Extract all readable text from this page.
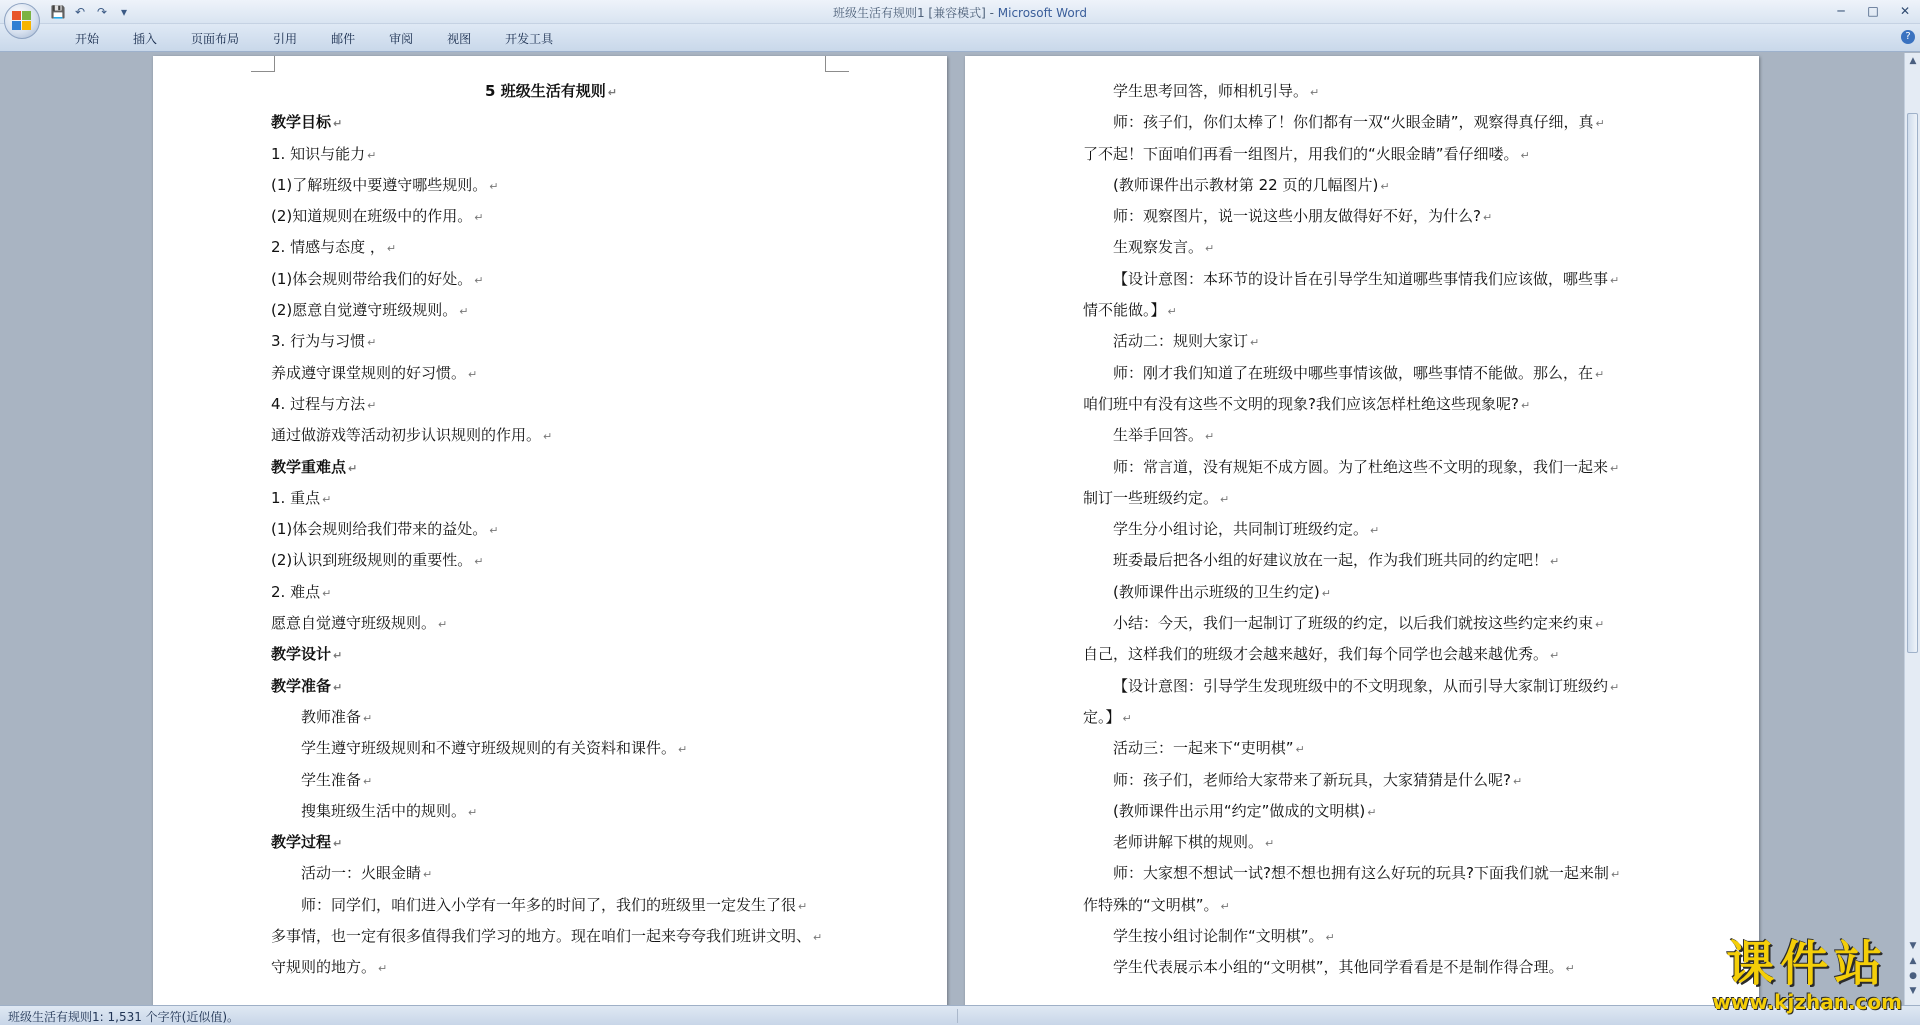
💾 ↶ ↷	▾	班级生活有规则1 [兼容模式] - Microsoft Word	─	□	✕
开始	插入	页面布局	引用	邮件	审阅	视图	开发工具	?
5 班级生活有规则 ↵
教学目标 ↵
1. 知识与能力 ↵
(1)了解班级中要遵守哪些规则。 ↵
(2)知道规则在班级中的作用。 ↵
2. 情感与态度 ， ↵
(1)体会规则带给我们的好处。 ↵
(2)愿意自觉遵守班级规则。 ↵
3. 行为与习惯 ↵
养成遵守课堂规则的好习惯。 ↵
4. 过程与方法 ↵
通过做游戏等活动初步认识规则的作用。 ↵
教学重难点 ↵
1. 重点 ↵
(1)体会规则给我们带来的益处。 ↵
(2)认识到班级规则的重要性。 ↵
2. 难点 ↵
愿意自觉遵守班级规则。 ↵
教学设计 ↵
教学准备 ↵
教师准备 ↵
学生遵守班级规则和不遵守班级规则的有关资料和课件。 ↵
学生准备 ↵
搜集班级生活中的规则。 ↵
教学过程 ↵
活动一：火眼金睛 ↵
师：同学们，咱们进入小学有一年多的时间了，我们的班级里一定发生了很 ↵
多事情，也一定有很多值得我们学习的地方。现在咱们一起来夸夸我们班讲文明、 ↵
守规则的地方。 ↵
学生思考回答，师相机引导。 ↵
师：孩子们，你们太棒了！你们都有一双“火眼金睛”，观察得真仔细，真 ↵
了不起！下面咱们再看一组图片，用我们的“火眼金睛”看仔细喽。 ↵
(教师课件出示教材第 22 页的几幅图片) ↵
师：观察图片，说一说这些小朋友做得好不好，为什么? ↵
生观察发言。 ↵
【设计意图：本环节的设计旨在引导学生知道哪些事情我们应该做，哪些事 ↵
情不能做。】 ↵
活动二：规则大家订 ↵
师：刚才我们知道了在班级中哪些事情该做，哪些事情不能做。那么，在 ↵
咱们班中有没有这些不文明的现象?我们应该怎样杜绝这些现象呢? ↵
生举手回答。 ↵
师：常言道，没有规矩不成方圆。为了杜绝这些不文明的现象，我们一起来 ↵
制订一些班级约定。 ↵
学生分小组讨论，共同制订班级约定。 ↵
班委最后把各小组的好建议放在一起，作为我们班共同的约定吧！ ↵
(教师课件出示班级的卫生约定) ↵
小结：今天，我们一起制订了班级的约定，以后我们就按这些约定来约束 ↵
自己，这样我们的班级才会越来越好，我们每个同学也会越来越优秀。 ↵
【设计意图：引导学生发现班级中的不文明现象，从而引导大家制订班级约 ↵
定。】 ↵
活动三：一起来下“吏明棋” ↵
师：孩子们，老师给大家带来了新玩具，大家猜猜是什么呢? ↵
(教师课件出示用“约定”做成的文明棋) ↵
老师讲解下棋的规则。 ↵
师：大家想不想试一试?想不想也拥有这么好玩的玩具?下面我们就一起来制 ↵
作特殊的“文明棋”。 ↵
学生按小组讨论制作“文明棋”。 ↵
学生代表展示本小组的“文明棋”，其他同学看看是不是制作得合理。 ↵
▲
▼
▲
●
▼
班级生活有规则1: 1,531 个字符(近似值)。
课件站
www.kjzhan.com
